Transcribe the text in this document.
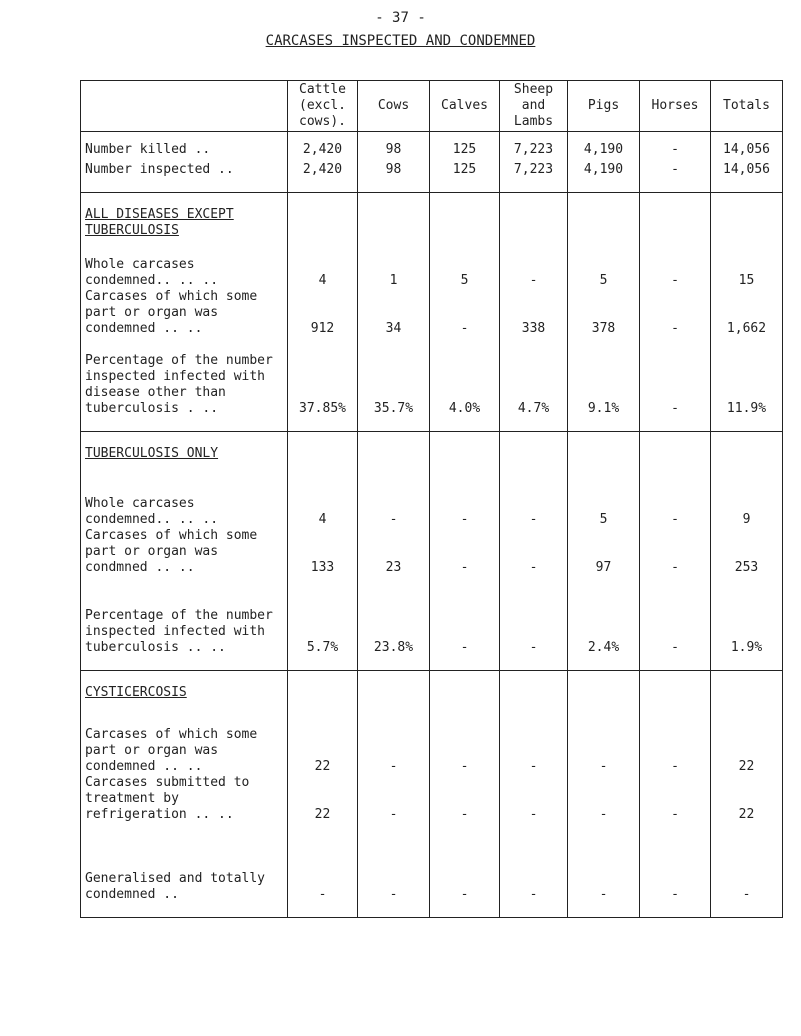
- 37 -
CARCASES INSPECTED AND CONDEMNED
	Cattle (excl. cows).	Cows	Calves	Sheep and Lambs	Pigs	Horses	Totals
Number killed ..	2,420	98	125	7,223	4,190	-	14,056
Number inspected ..	2,420	98	125	7,223	4,190	-	14,056

ALL DISEASES EXCEPT TUBERCULOSIS							
Whole carcases condemned.. .. ..	4	1	5	-	5	-	15
Carcases of which some part or organ was condemned .. ..	912	34	-	338	378	-	1,662
Percentage of the number inspected infected with disease other than tuberculosis . ..	37.85%	35.7%	4.0%	4.7%	9.1%	-	11.9%

TUBERCULOSIS ONLY							
Whole carcases condemned.. .. ..	4	-	-	-	5	-	9
Carcases of which some part or organ was condmned .. ..	133	23	-	-	97	-	253
Percentage of the number inspected infected with tuberculosis .. ..	5.7%	23.8%	-	-	2.4%	-	1.9%

CYSTICERCOSIS							
Carcases of which some part or organ was condemned .. ..	22	-	-	-	-	-	22
Carcases submitted to treatment by refrigeration .. ..	22	-	-	-	-	-	22
Generalised and totally condemned ..	-	-	-	-	-	-	-
